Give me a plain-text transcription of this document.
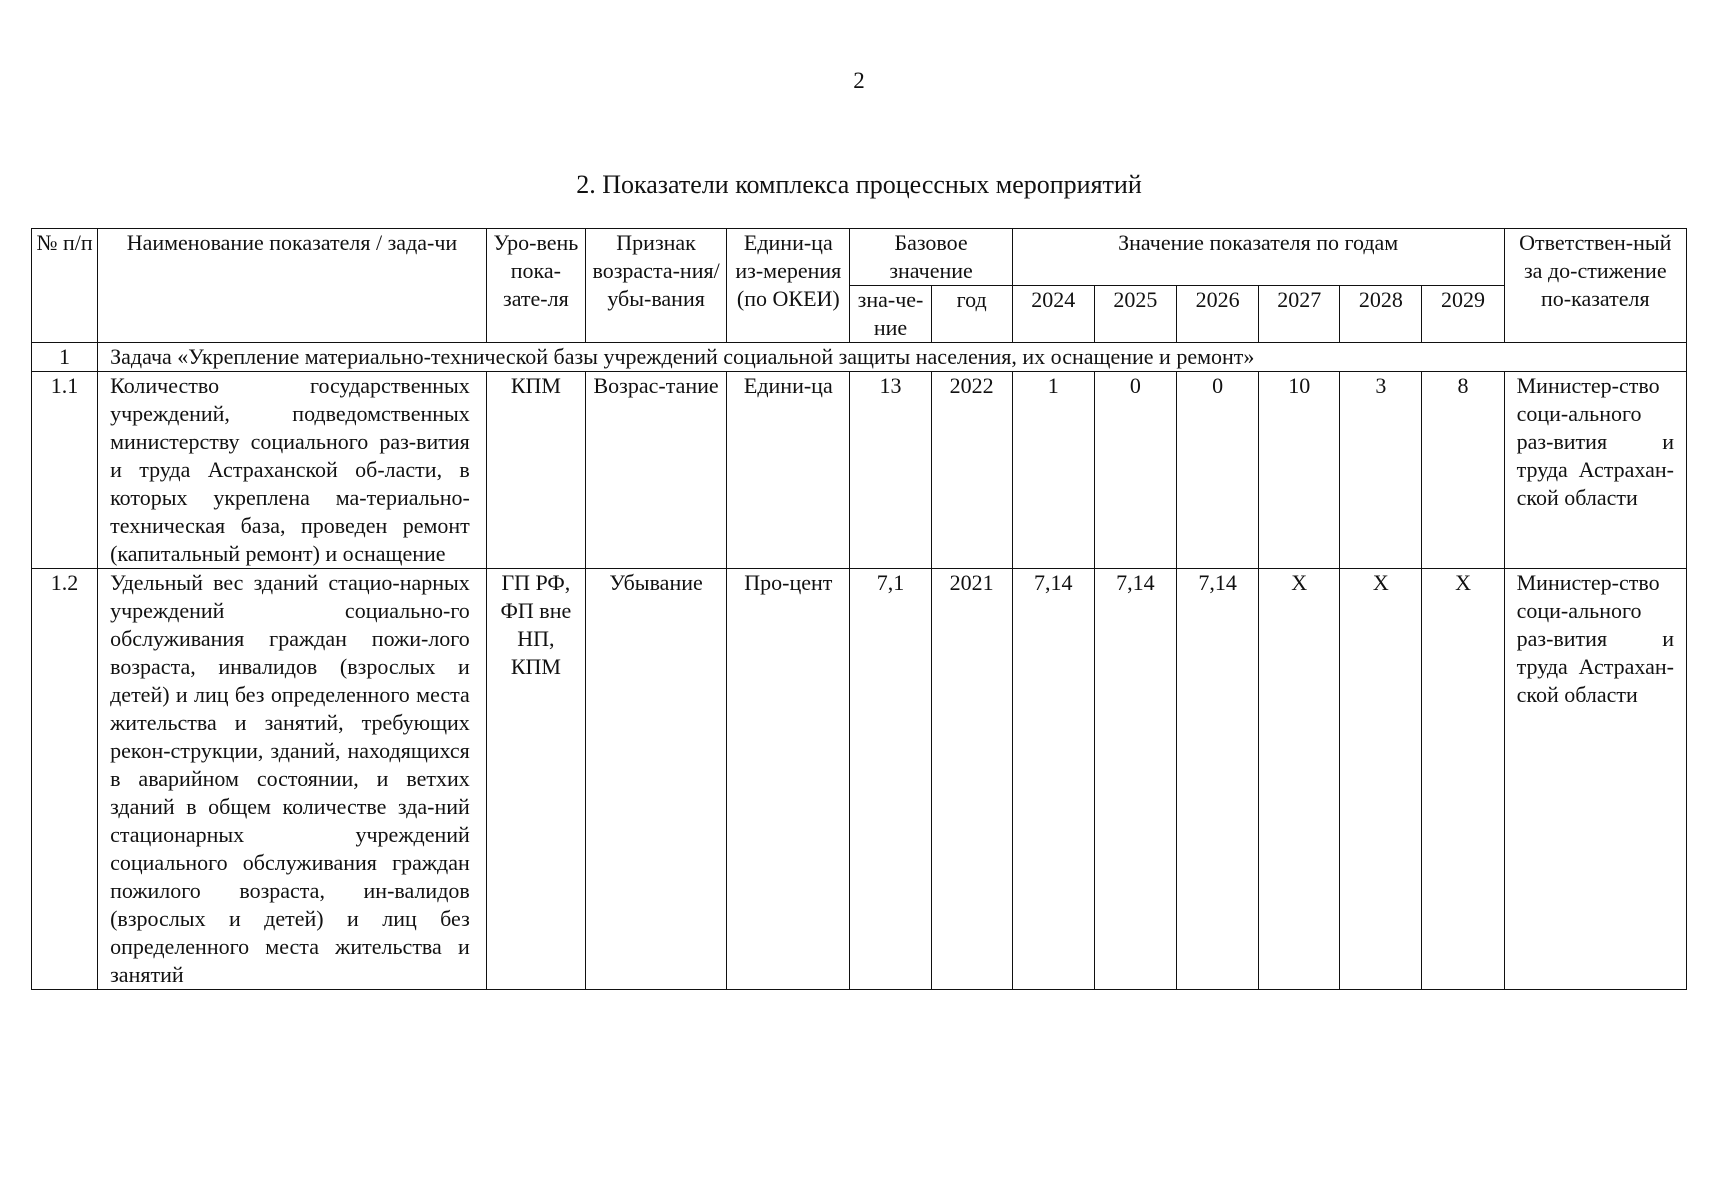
2
2. Показатели комплекса процессных мероприятий
№ п/п	Наименование показателя / зада-чи	Уро-вень пока-зате-ля	Признак возраста-ния/убы-вания	Едини-ца из-мерения (по ОКЕИ)	Базовое значение		Значение показателя по годам						Ответствен-ный за до-стижение по-казателя
					зна-че-ние	год	2024	2025	2026	2027	2028	2029	
1	Задача «Укрепление материально-технической базы учреждений социальной защиты населения, их оснащение и ремонт»												
1.1	Количество государственных учреждений, подведомственных министерству социального раз-вития и труда Астраханской об-ласти, в которых укреплена ма-териально-техническая база, проведен ремонт (капитальный ремонт) и оснащение	КПМ	Возрас-тание	Едини-ца	13	2022	1	0	0	10	3	8	Министер-ство соци-ального раз-вития и труда Астрахан-ской области
1.2	Удельный вес зданий стацио-нарных учреждений социально-го обслуживания граждан пожи-лого возраста, инвалидов (взрослых и детей) и лиц без определенного места жительства и занятий, требующих рекон-струкции, зданий, находящихся в аварийном состоянии, и ветхих зданий в общем количестве зда-ний стационарных учреждений социального обслуживания граждан пожилого возраста, ин-валидов (взрослых и детей) и лиц без определенного места жительства и занятий	ГП РФ, ФП вне НП, КПМ	Убывание	Про-цент	7,1	2021	7,14	7,14	7,14	Х	Х	Х	Министер-ство соци-ального раз-вития и труда Астрахан-ской области
